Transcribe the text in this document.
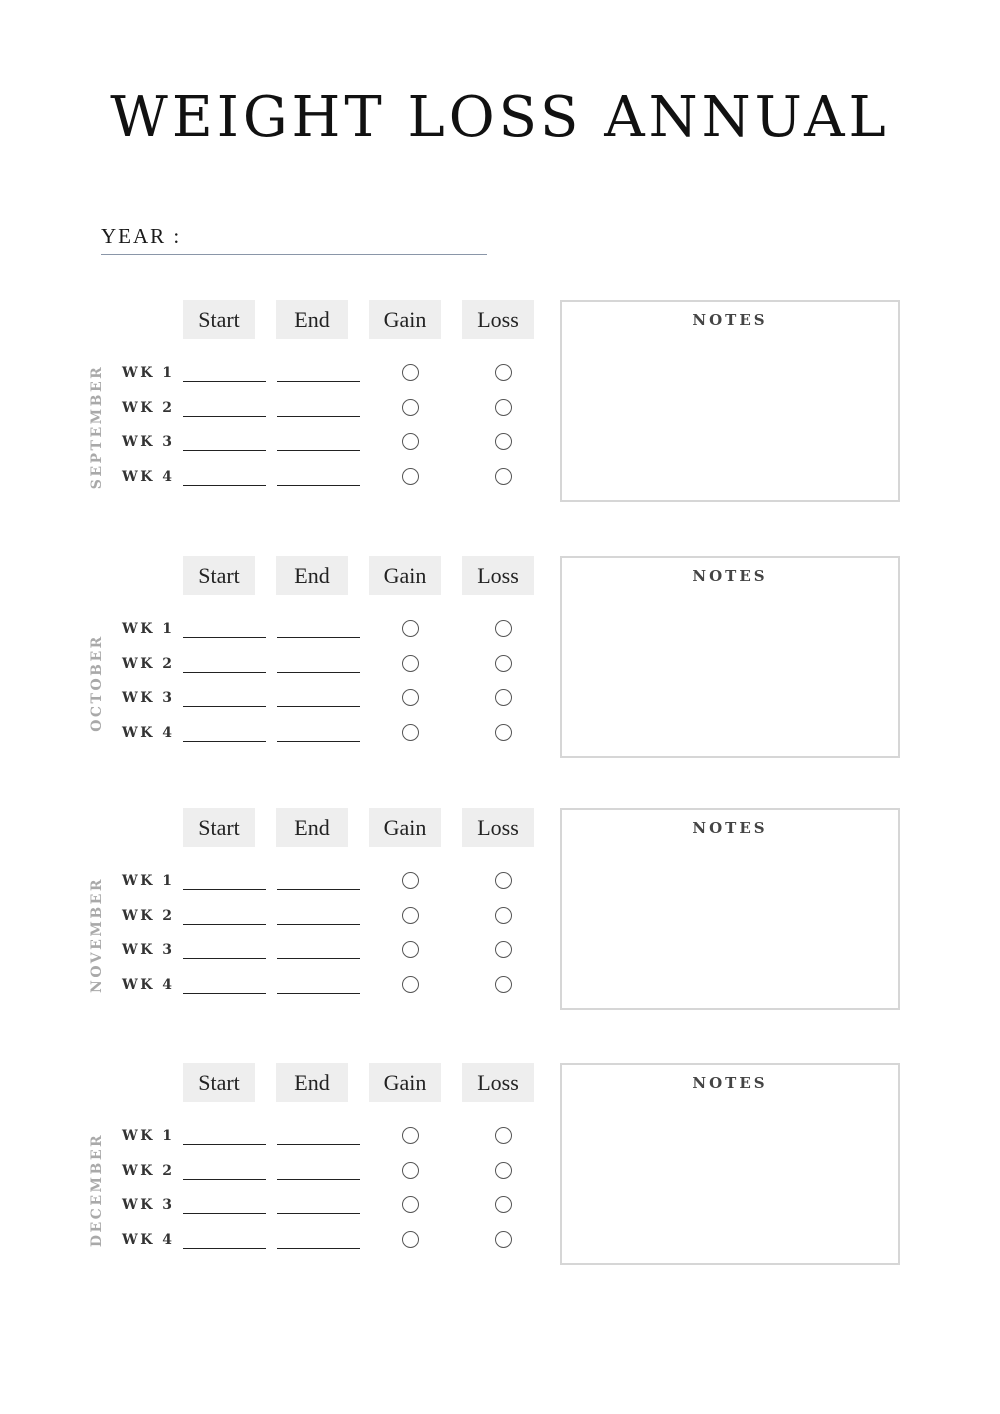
WEIGHT LOSS ANNUAL
YEAR :
Start	End	Gain	Loss
SEPTEMBER WK 1
WK 2
WK 3
WK 4
NOTES
Start	End	Gain	Loss
OCTOBER
WK 1
WK 2
WK 3
WK 4
NOTES
Start	End	Gain	Loss
NOVEMBER WK 1
WK 2
WK 3
WK 4
NOTES
Start	End	Gain	Loss
DECEMBER WK 1
WK 2
WK 3
WK 4
NOTES
